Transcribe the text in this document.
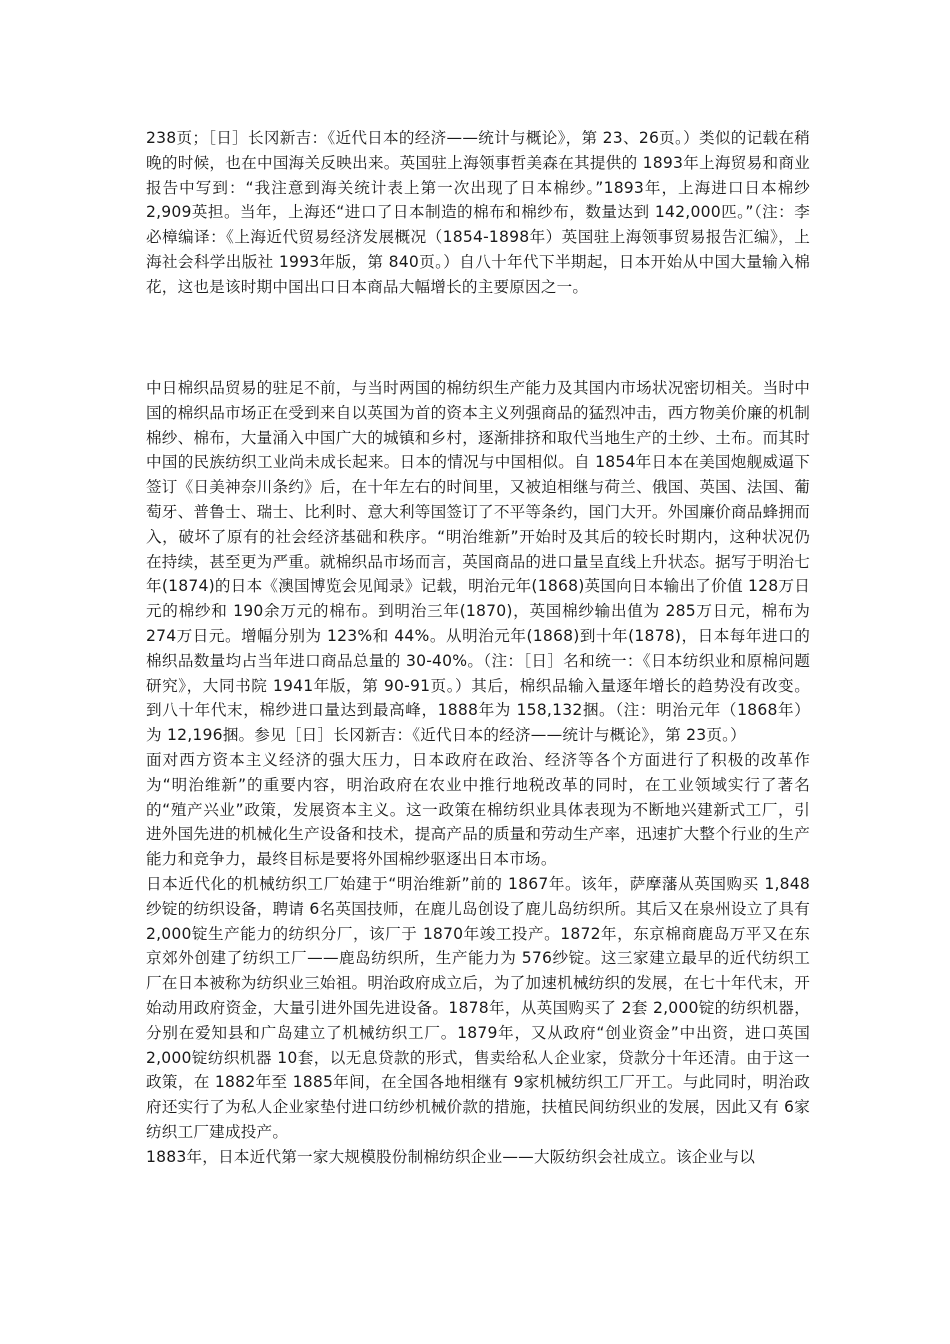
238页；［日］长冈新吉：《近代日本的经济——统计与概论》，第 23、26页。）类似的记载在稍晚的时候，也在中国海关反映出来。英国驻上海领事哲美森在其提供的 1893年上海贸易和商业报告中写到：“我注意到海关统计表上第一次出现了日本棉纱。”1893年，上海进口日本棉纱 2,909英担。当年，上海还“进口了日本制造的棉布和棉纱布，数量达到 142,000匹。”（注：李必樟编译：《上海近代贸易经济发展概况（1854-1898年）英国驻上海领事贸易报告汇编》，上海社会科学出版社 1993年版，第 840页。）自八十年代下半期起，日本开始从中国大量输入棉花，这也是该时期中国出口日本商品大幅增长的主要原因之一。

中日棉织品贸易的驻足不前，与当时两国的棉纺织生产能力及其国内市场状况密切相关。当时中国的棉织品市场正在受到来自以英国为首的资本主义列强商品的猛烈冲击，西方物美价廉的机制棉纱、棉布，大量涌入中国广大的城镇和乡村，逐渐排挤和取代当地生产的土纱、土布。而其时中国的民族纺织工业尚未成长起来。日本的情况与中国相似。自 1854年日本在美国炮舰威逼下签订《日美神奈川条约》后，在十年左右的时间里，又被迫相继与荷兰、俄国、英国、法国、葡萄牙、普鲁士、瑞士、比利时、意大利等国签订了不平等条约，国门大开。外国廉价商品蜂拥而入，破坏了原有的社会经济基础和秩序。“明治维新”开始时及其后的较长时期内，这种状况仍在持续，甚至更为严重。就棉织品市场而言，英国商品的进口量呈直线上升状态。据写于明治七年(1874)的日本《澳国博览会见闻录》记载，明治元年(1868)英国向日本输出了价值 128万日元的棉纱和 190余万元的棉布。到明治三年(1870)，英国棉纱输出值为 285万日元，棉布为 274万日元。增幅分别为 123%和 44%。从明治元年(1868)到十年(1878)，日本每年进口的棉织品数量均占当年进口商品总量的 30-40%。（注：［日］名和统一：《日本纺织业和原棉问题研究》，大同书院 1941年版，第 90-91页。）其后，棉织品输入量逐年增长的趋势没有改变。到八十年代末，棉纱进口量达到最高峰，1888年为 158,132捆。（注：明治元年（1868年）为 12,196捆。参见［日］长冈新吉：《近代日本的经济——统计与概论》，第 23页。）

面对西方资本主义经济的强大压力，日本政府在政治、经济等各个方面进行了积极的改革作为“明治维新”的重要内容，明治政府在农业中推行地税改革的同时，在工业领域实行了著名的“殖产兴业”政策，发展资本主义。这一政策在棉纺织业具体表现为不断地兴建新式工厂，引进外国先进的机械化生产设备和技术，提高产品的质量和劳动生产率，迅速扩大整个行业的生产能力和竞争力，最终目标是要将外国棉纱驱逐出日本市场。

日本近代化的机械纺织工厂始建于“明治维新”前的 1867年。该年，萨摩藩从英国购买 1,848纱锭的纺织设备，聘请 6名英国技师，在鹿儿岛创设了鹿儿岛纺织所。其后又在泉州设立了具有 2,000锭生产能力的纺织分厂，该厂于 1870年竣工投产。1872年，东京棉商鹿岛万平又在东京郊外创建了纺织工厂——鹿岛纺织所，生产能力为 576纱锭。这三家建立最早的近代纺织工厂在日本被称为纺织业三始祖。明治政府成立后，为了加速机械纺织的发展，在七十年代末，开始动用政府资金，大量引进外国先进设备。1878年，从英国购买了 2套 2,000锭的纺织机器，分别在爱知县和广岛建立了机械纺织工厂。1879年，又从政府“创业资金”中出资，进口英国 2,000锭纺织机器 10套，以无息贷款的形式，售卖给私人企业家，贷款分十年还清。由于这一政策，在 1882年至 1885年间，在全国各地相继有 9家机械纺织工厂开工。与此同时，明治政府还实行了为私人企业家垫付进口纺纱机械价款的措施，扶植民间纺织业的发展，因此又有 6家纺织工厂建成投产。

1883年，日本近代第一家大规模股份制棉纺织企业——大阪纺织会社成立。该企业与以
